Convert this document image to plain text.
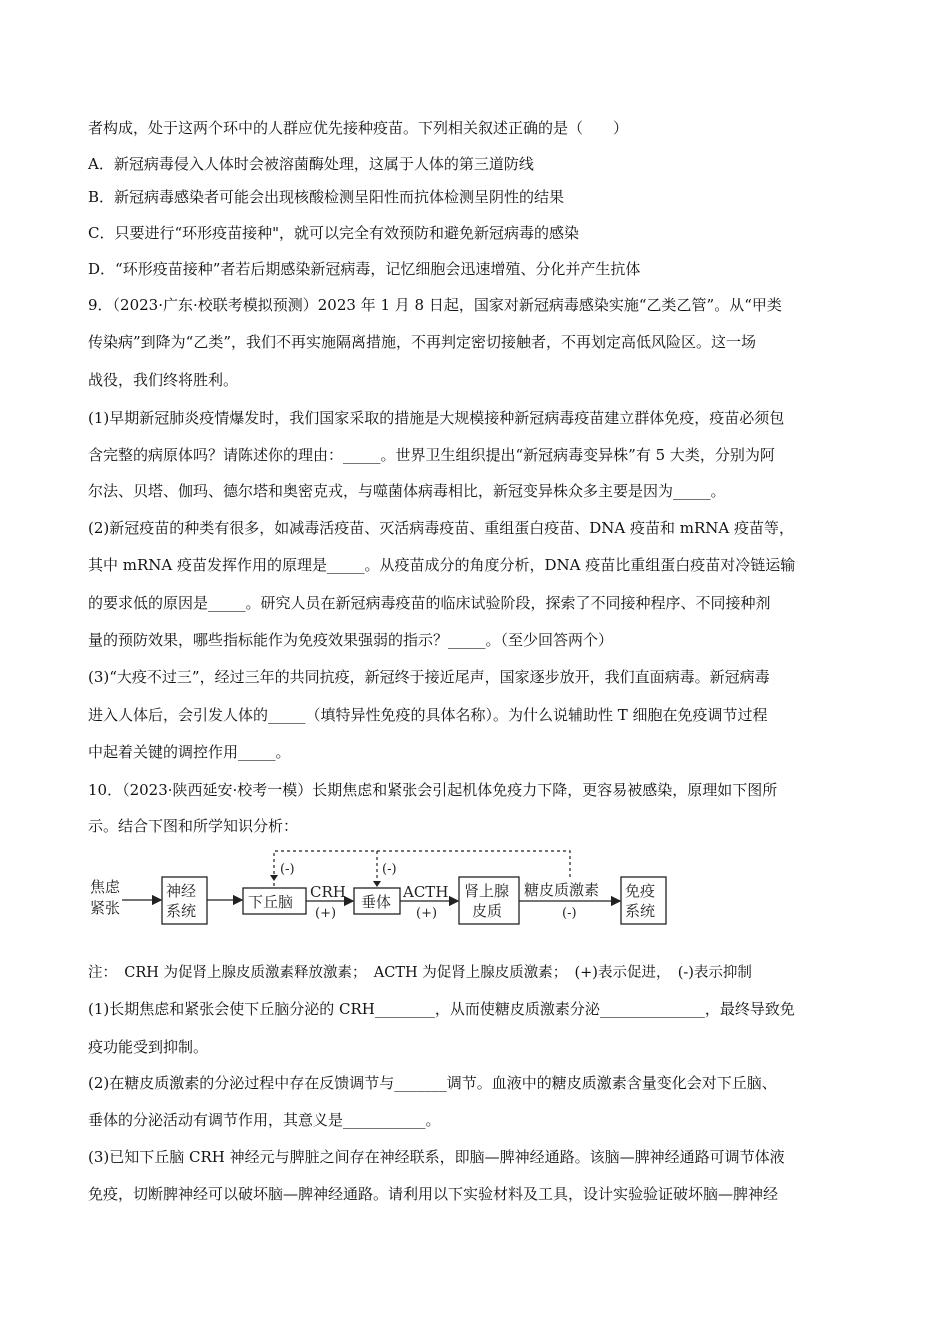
者构成，处于这两个环中的人群应优先接种疫苗。下列相关叙述正确的是（　　）
A．新冠病毒侵入人体时会被溶菌酶处理，这属于人体的第三道防线
B．新冠病毒感染者可能会出现核酸检测呈阳性而抗体检测呈阴性的结果
C．只要进行“环形疫苗接种"，就可以完全有效预防和避免新冠病毒的感染
D．“环形疫苗接种”者若后期感染新冠病毒，记忆细胞会迅速增殖、分化并产生抗体
9．（2023·广东·校联考模拟预测）2023 年 1 月 8 日起，国家对新冠病毒感染实施“乙类乙管”。从“甲类
传染病”到降为“乙类”，我们不再实施隔离措施，不再判定密切接触者，不再划定高低风险区。这一场
战役，我们终将胜利。
(1)早期新冠肺炎疫情爆发时，我们国家采取的措施是大规模接种新冠病毒疫苗建立群体免疫，疫苗必须包
含完整的病原体吗？请陈述你的理由：_____。世界卫生组织提出“新冠病毒变异株”有 5 大类，分别为阿
尔法、贝塔、伽玛、德尔塔和奥密克戎，与噬菌体病毒相比，新冠变异株众多主要是因为_____。
(2)新冠疫苗的种类有很多，如减毒活疫苗、灭活病毒疫苗、重组蛋白疫苗、DNA 疫苗和 mRNA 疫苗等，
其中 mRNA 疫苗发挥作用的原理是_____。从疫苗成分的角度分析，DNA 疫苗比重组蛋白疫苗对冷链运输
的要求低的原因是_____。研究人员在新冠病毒疫苗的临床试验阶段，探索了不同接种程序、不同接种剂
量的预防效果，哪些指标能作为免疫效果强弱的指示？_____。（至少回答两个）
(3)“大疫不过三”，经过三年的共同抗疫，新冠终于接近尾声，国家逐步放开，我们直面病毒。新冠病毒
进入人体后，会引发人体的_____（填特异性免疫的具体名称）。为什么说辅助性 T 细胞在免疫调节过程
中起着关键的调控作用_____。
10．（2023·陕西延安·校考一模）长期焦虑和紧张会引起机体免疫力下降，更容易被感染，原理如下图所
示。结合下图和所学知识分析：
焦虑
紧张
神经
系统	下丘脑
CRH
(+)
垂体
ACTH
(+)
肾上腺
皮质
糖皮质激素
(-)
免疫
系统
(-)	(-)
注：　CRH 为促肾上腺皮质激素释放激素；　ACTH 为促肾上腺皮质激素；　(+)表示促进，　(-)表示抑制
(1)长期焦虑和紧张会使下丘脑分泌的 CRH________，从而使糖皮质激素分泌______________，最终导致免
疫功能受到抑制。
(2)在糖皮质激素的分泌过程中存在反馈调节与_______调节。血液中的糖皮质激素含量变化会对下丘脑、
垂体的分泌活动有调节作用，其意义是___________。
(3)已知下丘脑 CRH 神经元与脾脏之间存在神经联系，即脑—脾神经通路。该脑—脾神经通路可调节体液
免疫，切断脾神经可以破坏脑—脾神经通路。请利用以下实验材料及工具，设计实验验证破坏脑—脾神经
